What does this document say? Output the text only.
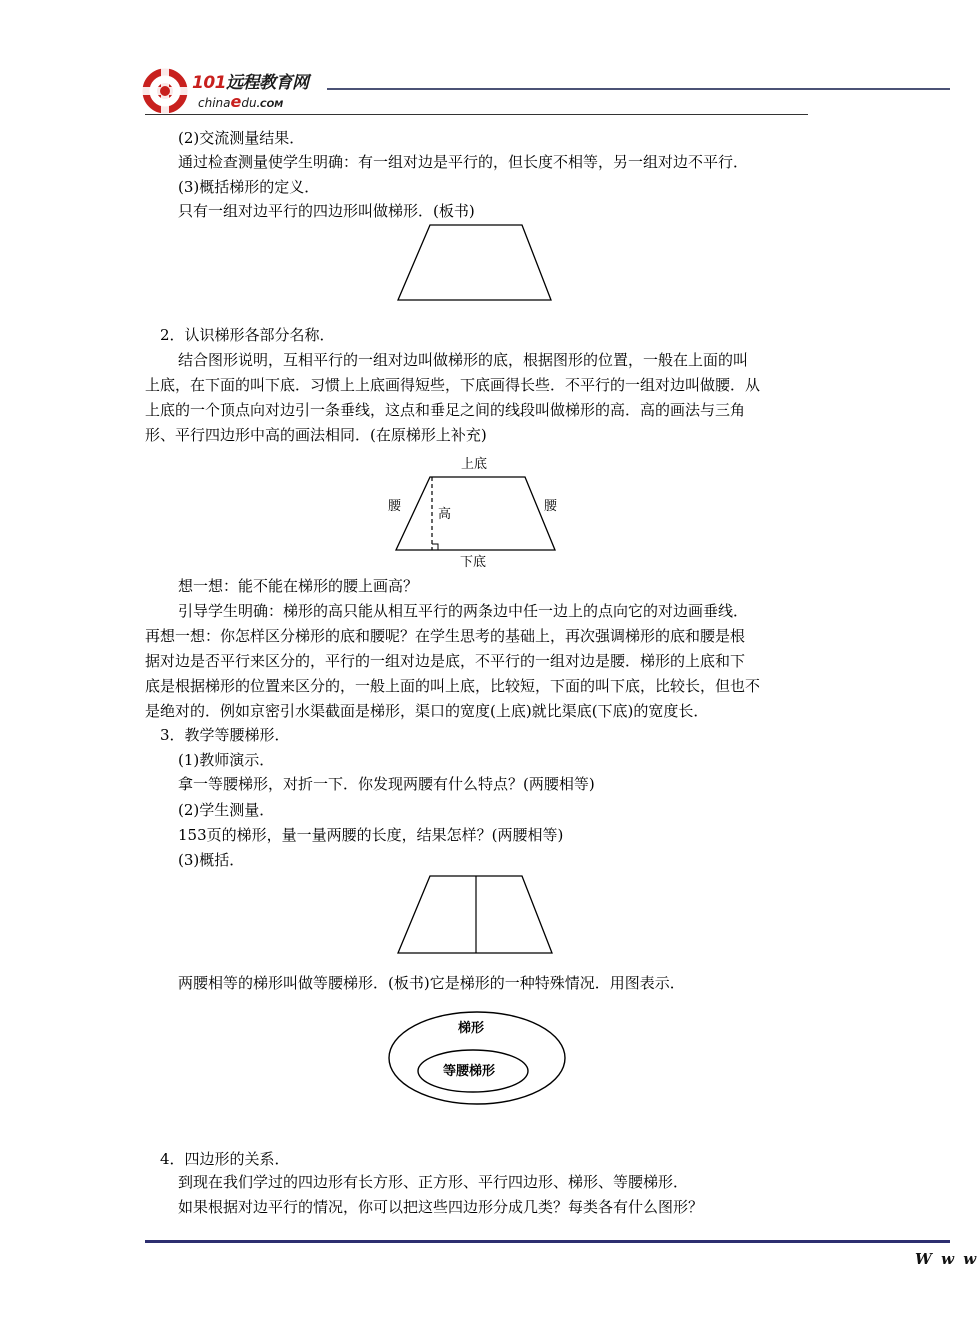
101远程教育网
chinaedu.COM
(2)交流测量结果．
通过检查测量使学生明确：有一组对边是平行的，但长度不相等，另一组对边不平行．
(3)概括梯形的定义．
只有一组对边平行的四边形叫做梯形．(板书)
2．认识梯形各部分名称．
结合图形说明，互相平行的一组对边叫做梯形的底，根据图形的位置，一般在上面的叫
上底，在下面的叫下底．习惯上上底画得短些，下底画得长些．不平行的一组对边叫做腰．从
上底的一个顶点向对边引一条垂线，这点和垂足之间的线段叫做梯形的高．高的画法与三角
形、平行四边形中高的画法相同．(在原梯形上补充)
上底
腰	腰
高
下底
想一想：能不能在梯形的腰上画高？
引导学生明确：梯形的高只能从相互平行的两条边中任一边上的点向它的对边画垂线．
再想一想：你怎样区分梯形的底和腰呢？在学生思考的基础上，再次强调梯形的底和腰是根
据对边是否平行来区分的，平行的一组对边是底，不平行的一组对边是腰．梯形的上底和下
底是根据梯形的位置来区分的，一般上面的叫上底，比较短，下面的叫下底，比较长，但也不
是绝对的．例如京密引水渠截面是梯形，渠口的宽度(上底)就比渠底(下底)的宽度长．
3．教学等腰梯形．
(1)教师演示．
拿一等腰梯形，对折一下．你发现两腰有什么特点？(两腰相等)
(2)学生测量．
153页的梯形，量一量两腰的长度，结果怎样？(两腰相等)
(3)概括．
两腰相等的梯形叫做等腰梯形．(板书)它是梯形的一种特殊情况．用图表示．
梯形
等腰梯形
4．四边形的关系．
到现在我们学过的四边形有长方形、正方形、平行四边形、梯形、等腰梯形．
如果根据对边平行的情况，你可以把这些四边形分成几类？每类各有什么图形？
W w w
